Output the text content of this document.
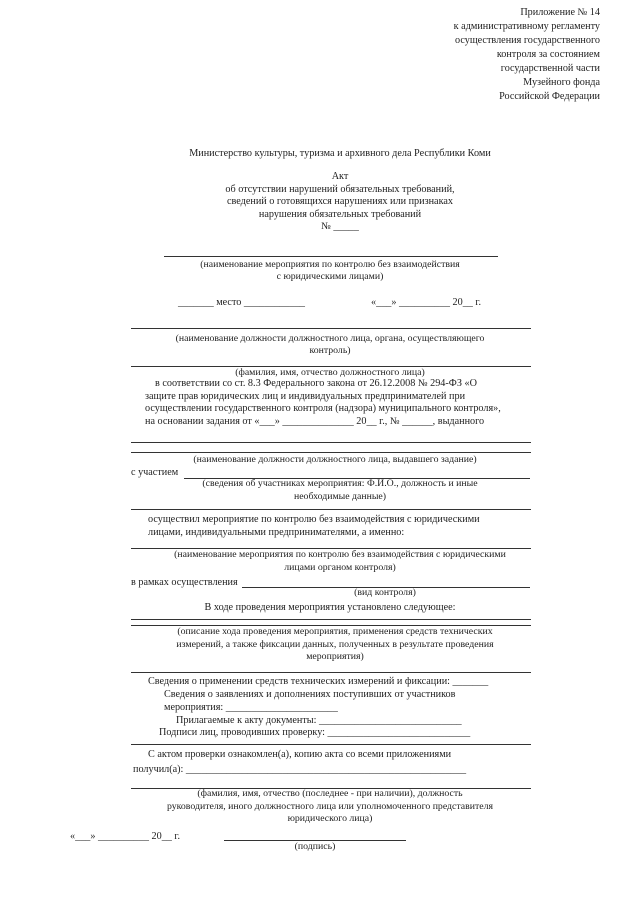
Приложение № 14
к административному регламенту
осуществления государственного
контроля за состоянием
государственной части
Музейного фонда
Российской Федерации
Министерство культуры, туризма и архивного дела Республики Коми
Акт
об отсутствии нарушений обязательных требований,
сведений о готовящихся нарушениях или признаках
нарушения обязательных требований
№ _____
(наименование мероприятия по контролю без взаимодействия
с юридическими лицами)
_______ место ____________	«___» __________ 20__ г.
(наименование должности должностного лица, органа, осуществляющего
контроль)
(фамилия, имя, отчество должностного лица)
в соответствии со ст. 8.3 Федерального закона от 26.12.2008 № 294-ФЗ «О
защите прав юридических лиц и индивидуальных предпринимателей при
осуществлении государственного контроля (надзора) муниципального контроля»,
на основании задания от «___» ______________ 20__ г., № ______, выданного
(наименование должности должностного лица, выдавшего задание)
с участием
(сведения об участниках мероприятия: Ф.И.О., должность и иные
необходимые данные)
осуществил мероприятие по контролю без взаимодействия с юридическими
лицами, индивидуальными предпринимателями, а именно:
(наименование мероприятия по контролю без взаимодействия с юридическими
лицами органом контроля)
в рамках осуществления
(вид контроля)
В ходе проведения мероприятия установлено следующее:
(описание хода проведения мероприятия, применения средств технических
измерений, а также фиксации данных, полученных в результате проведения
мероприятия)
Сведения о применении средств технических измерений и фиксации: _______
Сведения о заявлениях и дополнениях поступивших от участников
мероприятия: ______________________
Прилагаемые к акту документы: ____________________________
Подписи лиц, проводивших проверку: ____________________________
С актом проверки ознакомлен(а), копию акта со всеми приложениями
получил(а): _______________________________________________________
(фамилия, имя, отчество (последнее - при наличии), должность
руководителя, иного должностного лица или уполномоченного представителя
юридического лица)
«___» __________ 20__ г.
(подпись)
